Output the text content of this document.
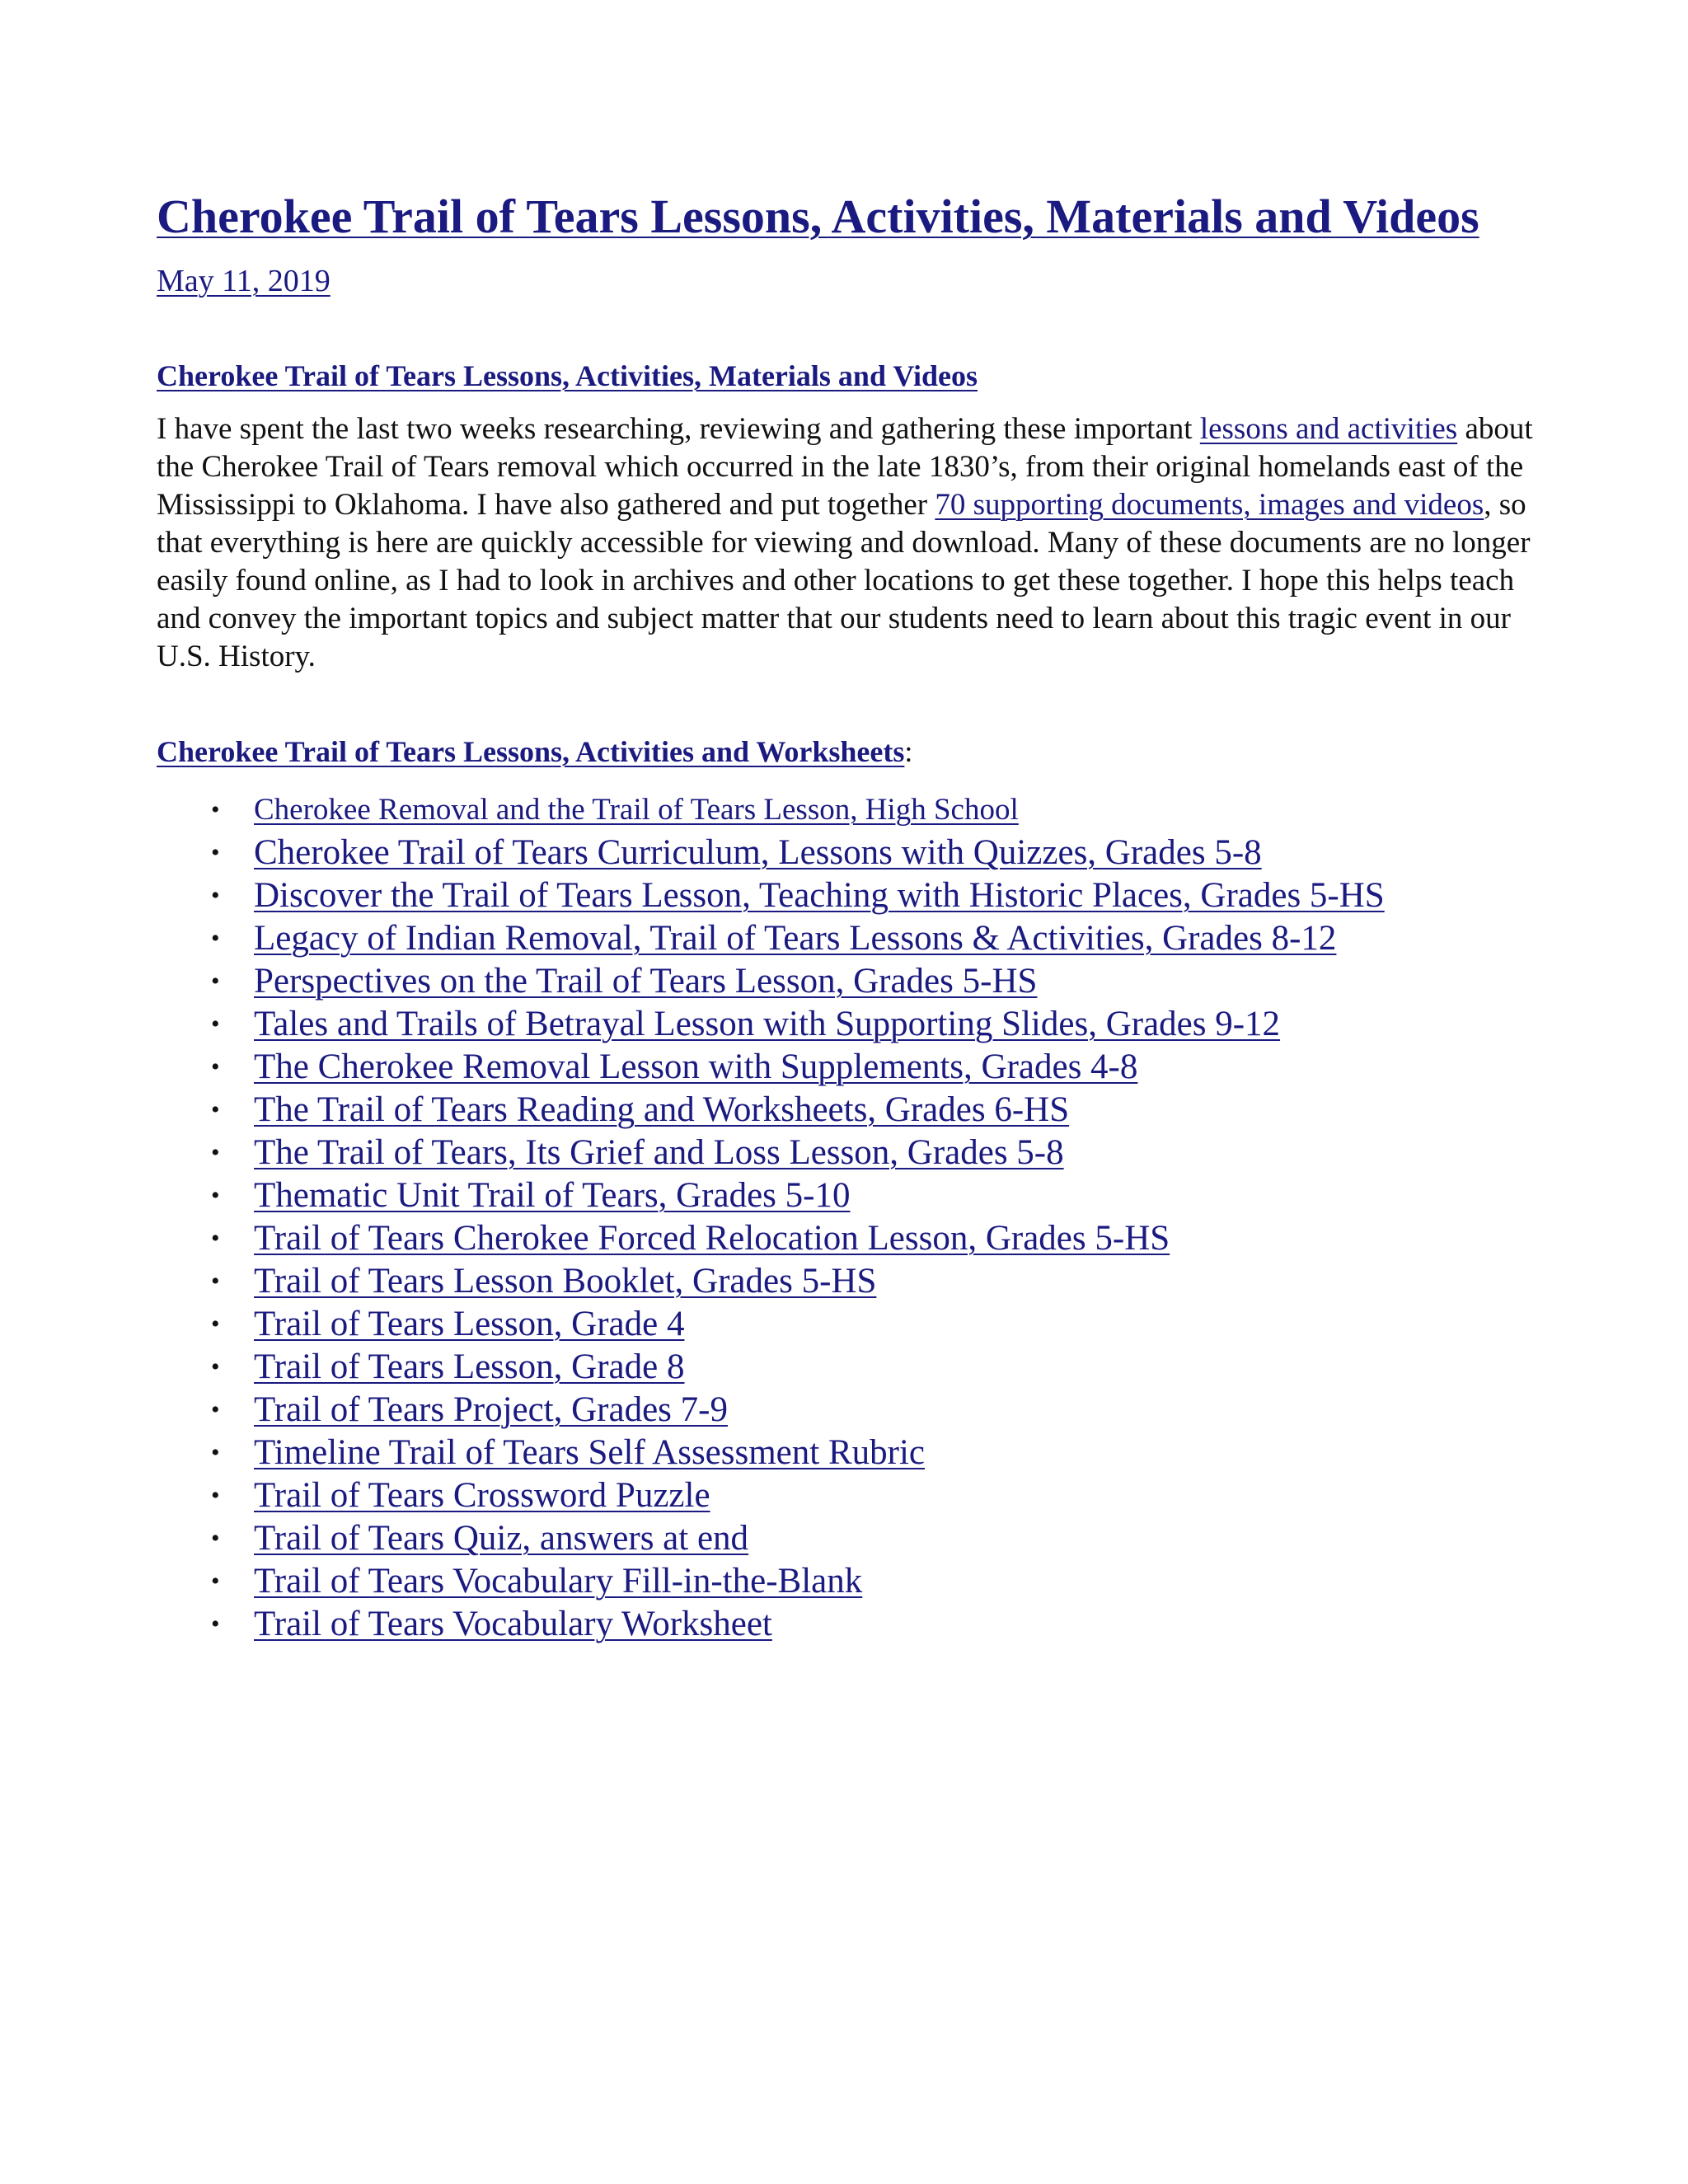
Cherokee Trail of Tears Lessons, Activities, Materials and Videos
May 11, 2019
Cherokee Trail of Tears Lessons, Activities, Materials and Videos

I have spent the last two weeks researching, reviewing and gathering these important lessons and activities about the Cherokee Trail of Tears removal which occurred in the late 1830’s, from their original homelands east of the Mississippi to Oklahoma. I have also gathered and put together 70 supporting documents, images and videos, so that everything is here are quickly accessible for viewing and download. Many of these documents are no longer easily found online, as I had to look in archives and other locations to get these together. I hope this helps teach and convey the important topics and subject matter that our students need to learn about this tragic event in our U.S. History.

Cherokee Trail of Tears Lessons, Activities and Worksheets:
• Cherokee Removal and the Trail of Tears Lesson, High School
• Cherokee Trail of Tears Curriculum, Lessons with Quizzes, Grades 5-8
• Discover the Trail of Tears Lesson, Teaching with Historic Places, Grades 5-HS
• Legacy of Indian Removal, Trail of Tears Lessons & Activities, Grades 8-12
• Perspectives on the Trail of Tears Lesson, Grades 5-HS
• Tales and Trails of Betrayal Lesson with Supporting Slides, Grades 9-12
• The Cherokee Removal Lesson with Supplements, Grades 4-8
• The Trail of Tears Reading and Worksheets, Grades 6-HS
• The Trail of Tears, Its Grief and Loss Lesson, Grades 5-8
• Thematic Unit Trail of Tears, Grades 5-10
• Trail of Tears Cherokee Forced Relocation Lesson, Grades 5-HS
• Trail of Tears Lesson Booklet, Grades 5-HS
• Trail of Tears Lesson, Grade 4
• Trail of Tears Lesson, Grade 8
• Trail of Tears Project, Grades 7-9
• Timeline Trail of Tears Self Assessment Rubric
• Trail of Tears Crossword Puzzle
• Trail of Tears Quiz, answers at end
• Trail of Tears Vocabulary Fill-in-the-Blank
• Trail of Tears Vocabulary Worksheet
